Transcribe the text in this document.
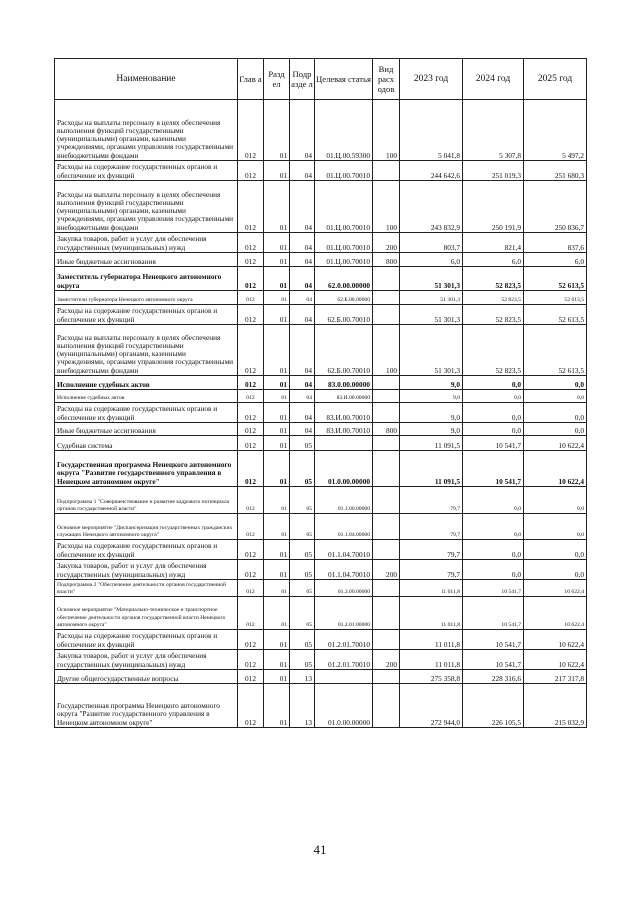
Наименование	Глав а	Разд ел	Подр азде л	Целевая статья	Вид расх одов	2023 год	2024 год	2025 год
Расходы на выплаты персоналу в целях обеспечения выполнения функций государственными (муниципальными) органами, казенными учреждениями, органами управления государственными внебюджетными фондами	012	01	04	01.Ц.00.59300	100	5 041,8	5 307,8	5 497,2
Расходы на содержание государственных органов и обеспечение их функций	012	01	04	01.Ц.00.70010		244 642,6	251 019,3	251 680,3
Расходы на выплаты персоналу в целях обеспечения выполнения функций государственными (муниципальными) органами, казенными учреждениями, органами управления государственными внебюджетными фондами	012	01	04	01.Ц.00.70010	100	243 832,9	250 191,9	250 836,7
Закупка товаров, работ и услуг для обеспечения государственных (муниципальных) нужд	012	01	04	01.Ц.00.70010	200	803,7	821,4	837,6
Иные бюджетные ассигнования	012	01	04	01.Ц.00.70010	800	6,0	6,0	6,0
Заместитель губернатора Ненецкого автономного округа	012	01	04	62.0.00.00000		51 301,3	52 823,5	52 613,5
Заместители губернатора Ненецкого автономного округа	012	01	04	62.Б.00.00000		51 301,3	52 823,5	52 613,5
Расходы на содержание государственных органов и обеспечение их функций	012	01	04	62.Б.00.70010		51 301,3	52 823,5	52 613,5
Расходы на выплаты персоналу в целях обеспечения выполнения функций государственными (муниципальными) органами, казенными учреждениями, органами управления государственными внебюджетными фондами	012	01	04	62.Б.00.70010	100	51 301,3	52 823,5	52 613,5
Исполнение судебных актов	012	01	04	83.0.00.00000		9,0	0,0	0,0
Исполнение судебных актов	012	01	04	83.И.00.00000		9,0	0,0	0,0
Расходы на содержание государственных органов и обеспечение их функций	012	01	04	83.И.00.70010		9,0	0,0	0,0
Иные бюджетные ассигнования	012	01	04	83.И.00.70010	800	9,0	0,0	0,0
Судебная система	012	01	05			11 091,5	10 541,7	10 622,4
Государственная программа Ненецкого автономного округа "Развитие государственного управления в Ненецком автономном округе"	012	01	05	01.0.00.00000		11 091,5	10 541,7	10 622,4
Подпрограмма 1 "Совершенствование и развитие кадрового потенциала органов государственной власти"	012	01	05	01.1.00.00000		79,7	0,0	0,0
Основное мероприятие "Диспансеризация государственных гражданских служащих Ненецкого автономного округа"	012	01	05	01.1.04.00000		79,7	0,0	0,0
Расходы на содержание государственных органов и обеспечение их функций	012	01	05	01.1.04.70010		79,7	0,0	0,0
Закупка товаров, работ и услуг для обеспечения государственных (муниципальных) нужд	012	01	05	01.1.04.70010	200	79,7	0,0	0,0
Подпрограмма 2 "Обеспечение деятельности органов государственной власти"	012	01	05	01.2.00.00000		11 011,8	10 541,7	10 622,4
Основное мероприятие "Материально-техническое и транспортное обеспечение деятельности органов государственной власти Ненецкого автономного округа"	012	01	05	01.2.01.00000		11 011,8	10 541,7	10 622,4
Расходы на содержание государственных органов и обеспечение их функций	012	01	05	01.2.01.70010		11 011,8	10 541,7	10 622,4
Закупка товаров, работ и услуг для обеспечения государственных (муниципальных) нужд	012	01	05	01.2.01.70010	200	11 011,8	10 541,7	10 622,4
Другие общегосударственные вопросы	012	01	13			275 358,8	228 316,6	217 317,8
Государственная программа Ненецкого автономного округа "Развитие государственного управления в Ненецком автономном округе"	012	01	13	01.0.00.00000		272 944,0	226 105,5	215 032,9
41
